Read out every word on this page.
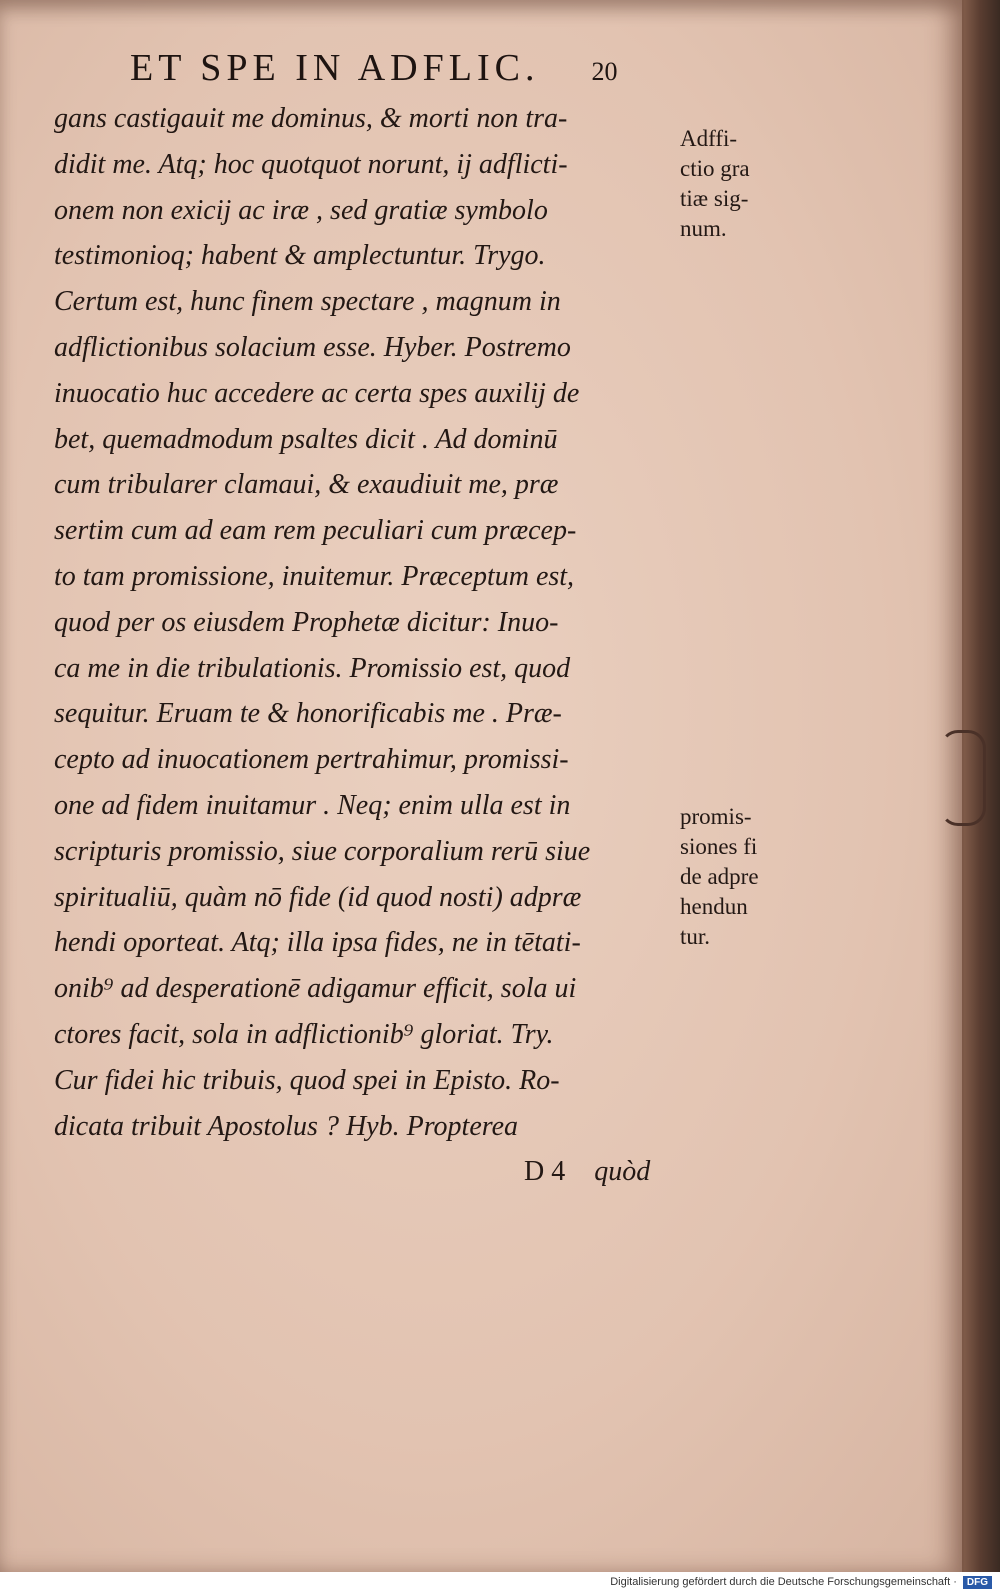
ET SPE IN ADFLIC. 20
gans castigauit me dominus, & morti non tra-
didit me. Atq; hoc quotquot norunt, ij adflicti-
onem non exicij ac iræ , sed gratiæ symbolo
testimonioq; habent & amplectuntur. Trygo.
Certum est, hunc finem spectare , magnum in
adflictionibus solacium esse. Hyber. Postremo
inuocatio huc accedere ac certa spes auxilij de
bet, quemadmodum psaltes dicit . Ad dominū
cum tribularer clamaui, & exaudiuit me, præ
sertim cum ad eam rem peculiari cum præcep-
to tam promissione, inuitemur. Præceptum est,
quod per os eiusdem Prophetæ dicitur: Inuo-
ca me in die tribulationis. Promissio est, quod
sequitur. Eruam te & honorificabis me . Præ-
cepto ad inuocationem pertrahimur, promissi-
one ad fidem inuitamur . Neq; enim ulla est in
scripturis promissio, siue corporalium rerū siue
spiritualiū, quàm nō fide (id quod nosti) adpræ
hendi oporteat. Atq; illa ipsa fides, ne in tētati-
onib⁹ ad desperationē adigamur efficit, sola ui
ctores facit, sola in adflictionib⁹ gloriat. Try.
Cur fidei hic tribuis, quod spei in Episto. Ro-
dicata tribuit Apostolus ? Hyb. Propterea
D 4 quòd
Adffi-
ctio gra
tiæ sig-
num.
promis-
siones fi
de adpre
hendun
tur.
Digitalisierung gefördert durch die Deutsche Forschungsgemeinschaft ·	DFG
